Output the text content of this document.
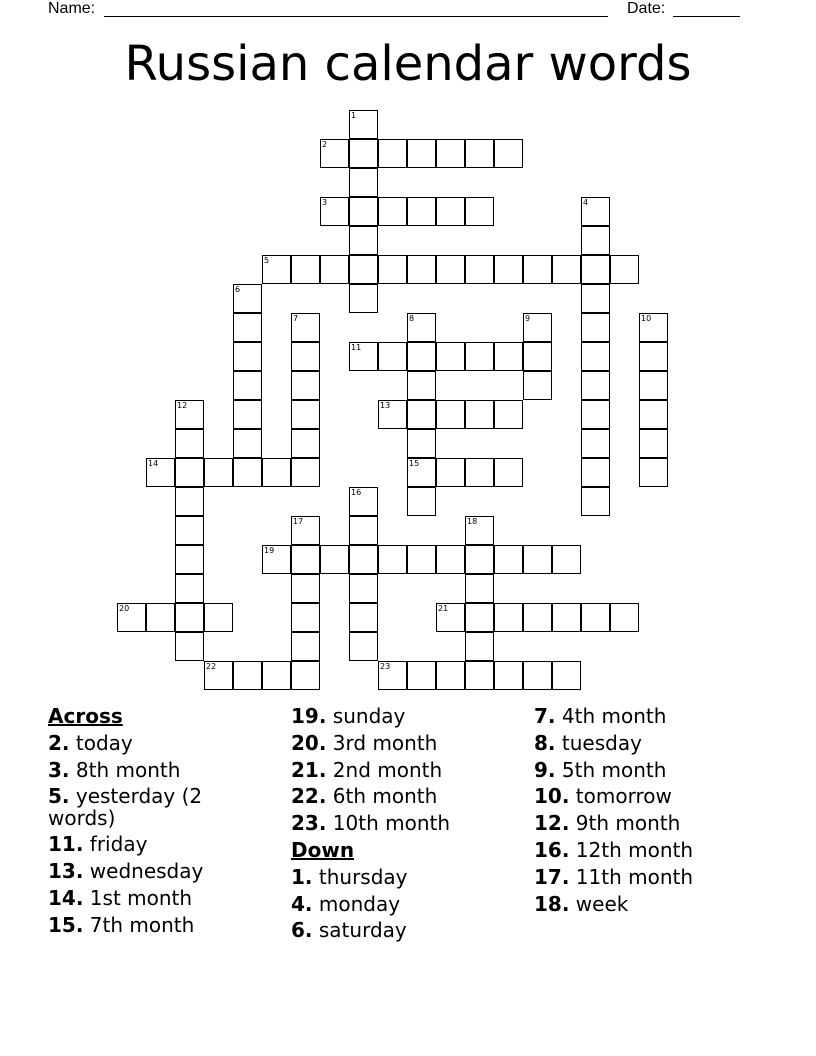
Name:	Date:
Russian calendar words
1
2
3	4
5
6
7	8
15
9	10
11
12	13
14
16
17	18
19
20	21
22	23
Across
2. today
3. 8th month
5. yesterday (2
words)
11. friday
13. wednesday
14. 1st month
15. 7th month
19. sunday
20. 3rd month
21. 2nd month
22. 6th month
23. 10th month
Down
1. thursday
4. monday
6. saturday
7. 4th month
8. tuesday
9. 5th month
10. tomorrow
12. 9th month
16. 12th month
17. 11th month
18. week
